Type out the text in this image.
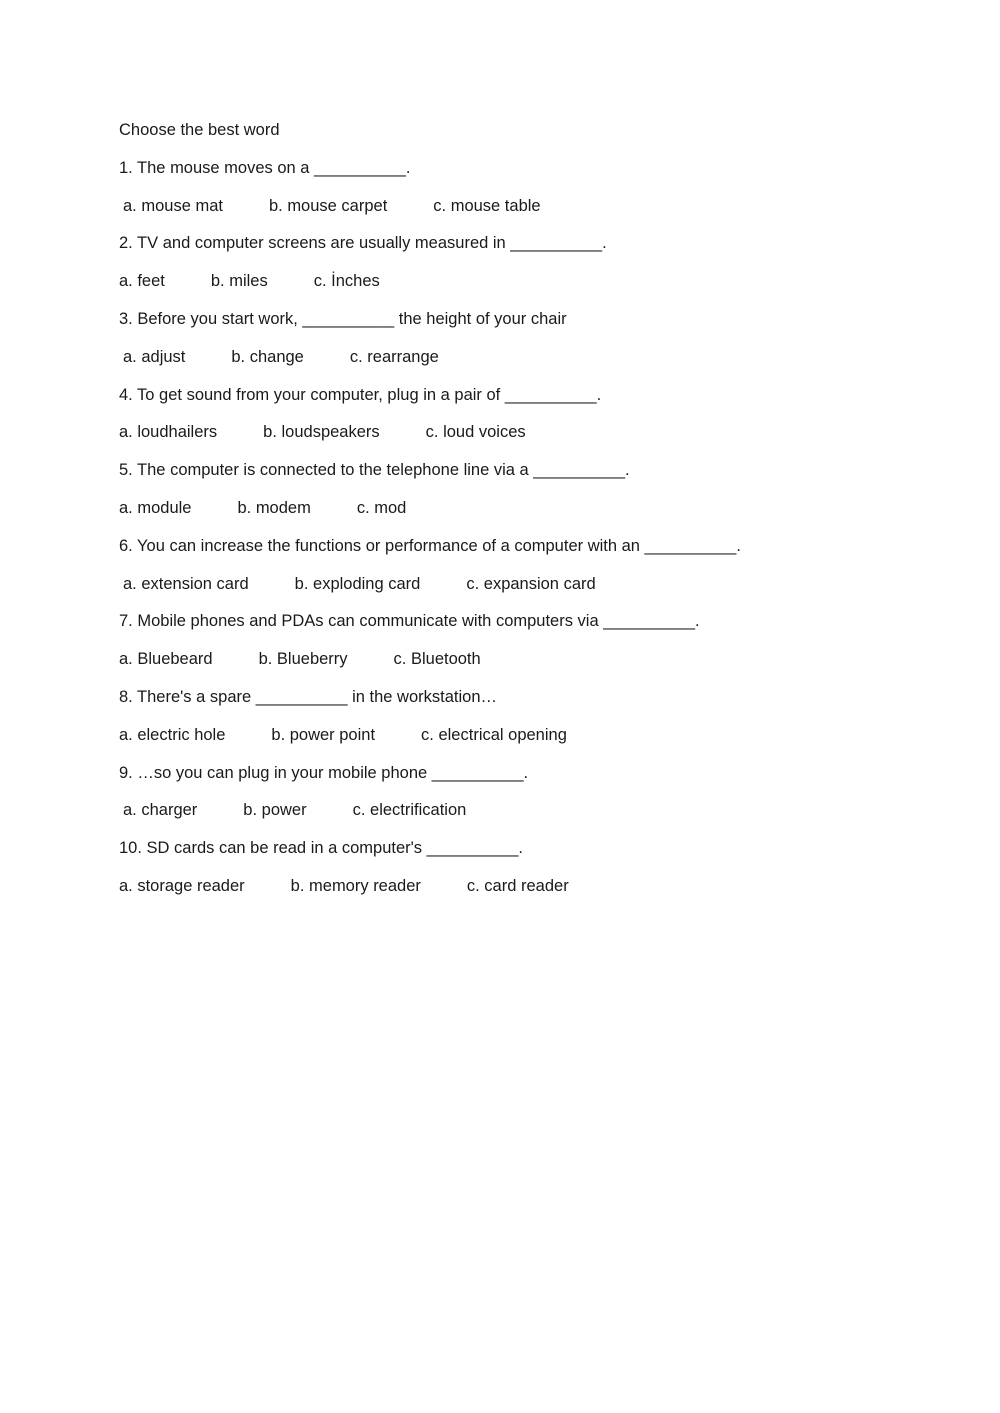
Choose the best word
1. The mouse moves on a __________.
a. mouse mat	b. mouse carpet	c. mouse table
2. TV and computer screens are usually measured in __________.
a. feet	b. miles	c. İnches
3. Before you start work, __________ the height of your chair
a. adjust	b. change	c. rearrange
4. To get sound from your computer, plug in a pair of __________.
a. loudhailers	b. loudspeakers	c. loud voices
5. The computer is connected to the telephone line via a __________.
a. module	b. modem	c. mod
6. You can increase the functions or performance of a computer with an __________.
a. extension card	b. exploding card	c. expansion card
7. Mobile phones and PDAs can communicate with computers via __________.
a. Bluebeard	b. Blueberry	c. Bluetooth
8. There's a spare __________ in the workstation…
a. electric hole	b. power point	c. electrical opening
9. …so you can plug in your mobile phone __________.
a. charger	b. power	c. electrification
10. SD cards can be read in a computer's __________.
a. storage reader	b. memory reader	c. card reader
